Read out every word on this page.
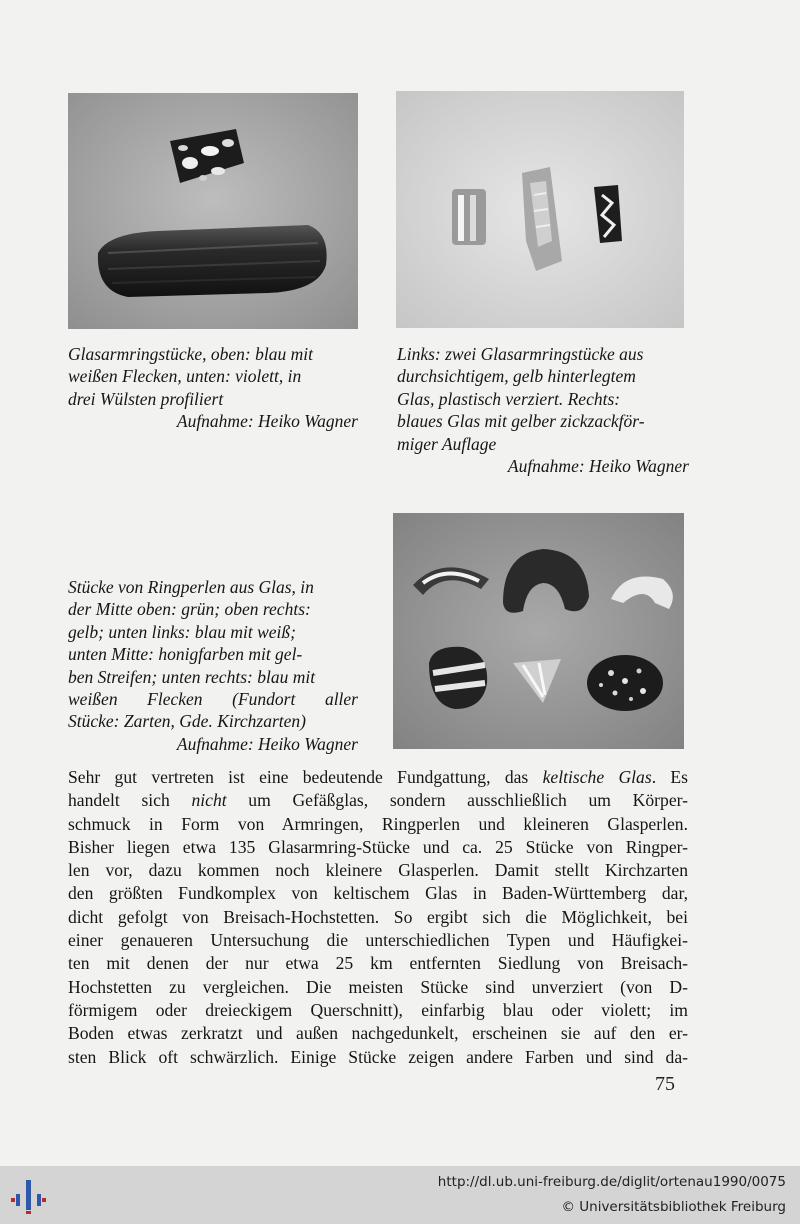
Glasarmringstücke, oben: blau mit
weißen Flecken, unten: violett, in
drei Wülsten profiliert
Aufnahme: Heiko Wagner
Links: zwei Glasarmringstücke aus
durchsichtigem, gelb hinterlegtem
Glas, plastisch verziert. Rechts:
blaues Glas mit gelber zickzackför-
miger Auflage
Aufnahme: Heiko Wagner
Stücke von Ringperlen aus Glas, in
der Mitte oben: grün; oben rechts:
gelb; unten links: blau mit weiß;
unten Mitte: honigfarben mit gel-
ben Streifen; unten rechts: blau mit
weißen Flecken (Fundort aller
Stücke: Zarten, Gde. Kirchzarten)
Aufnahme: Heiko Wagner
Sehr gut vertreten ist eine bedeutende Fundgattung, das keltische Glas. Es
handelt sich nicht um Gefäßglas, sondern ausschließlich um Körper-
schmuck in Form von Armringen, Ringperlen und kleineren Glasperlen.
Bisher liegen etwa 135 Glasarmring-Stücke und ca. 25 Stücke von Ringper-
len vor, dazu kommen noch kleinere Glasperlen. Damit stellt Kirchzarten
den größten Fundkomplex von keltischem Glas in Baden-Württemberg dar,
dicht gefolgt von Breisach-Hochstetten. So ergibt sich die Möglichkeit, bei
einer genaueren Untersuchung die unterschiedlichen Typen und Häufigkei-
ten mit denen der nur etwa 25 km entfernten Siedlung von Breisach-
Hochstetten zu vergleichen. Die meisten Stücke sind unverziert (von D-
förmigem oder dreieckigem Querschnitt), einfarbig blau oder violett; im
Boden etwas zerkratzt und außen nachgedunkelt, erscheinen sie auf den er-
sten Blick oft schwärzlich. Einige Stücke zeigen andere Farben und sind da-
75
http://dl.ub.uni-freiburg.de/diglit/ortenau1990/0075
© Universitätsbibliothek Freiburg
